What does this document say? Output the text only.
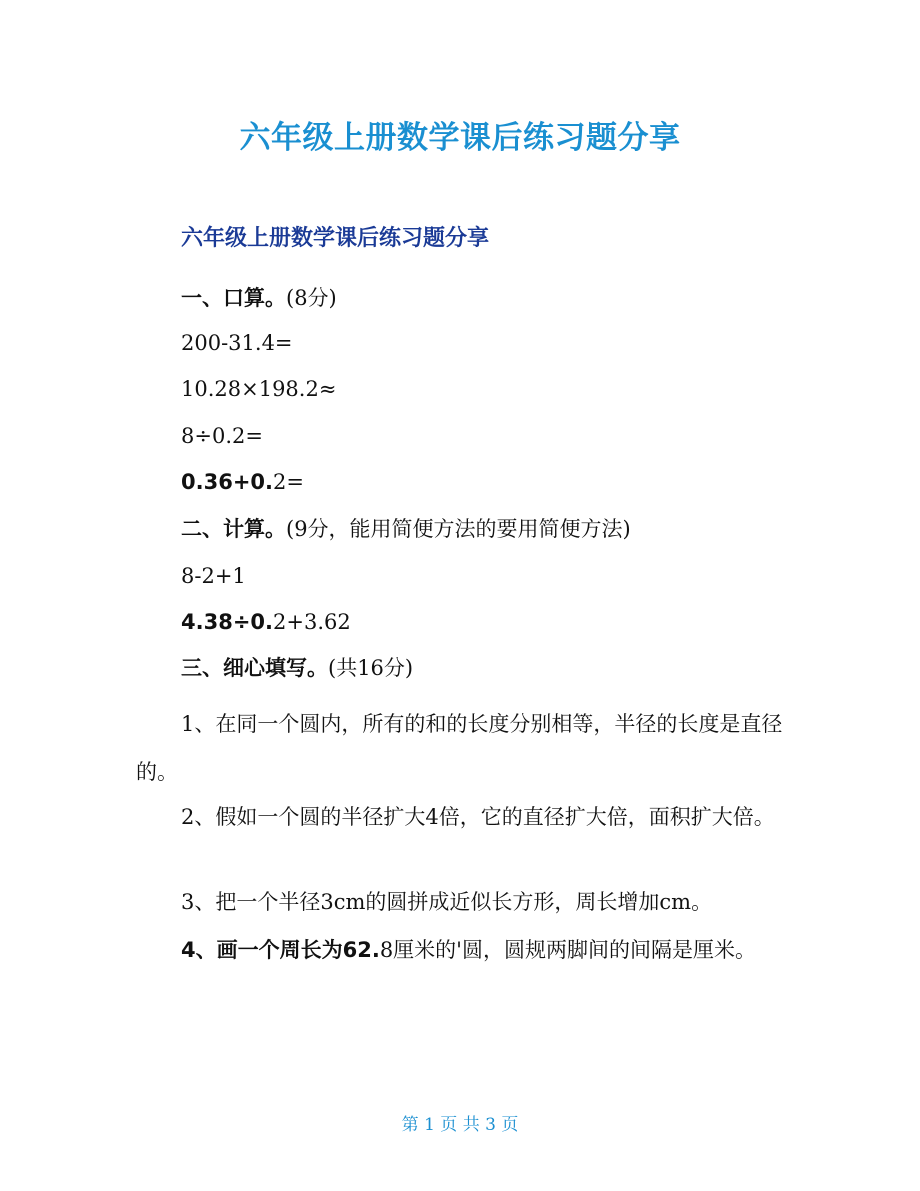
六年级上册数学课后练习题分享
六年级上册数学课后练习题分享
一、口算。(8分)
200-31.4=
10.28×198.2≈
8÷0.2=
0.36+0.2=
二、计算。(9分，能用简便方法的要用简便方法)
8-2+1
4.38÷0.2+3.62
三、细心填写。(共16分)
1、在同一个圆内，所有的和的长度分别相等，半径的长度是直径的。
2、假如一个圆的半径扩大4倍，它的直径扩大倍，面积扩大倍。
3、把一个半径3cm的圆拼成近似长方形，周长增加cm。
4、画一个周长为62.8厘米的'圆，圆规两脚间的间隔是厘米。
第 1 页 共 3 页
